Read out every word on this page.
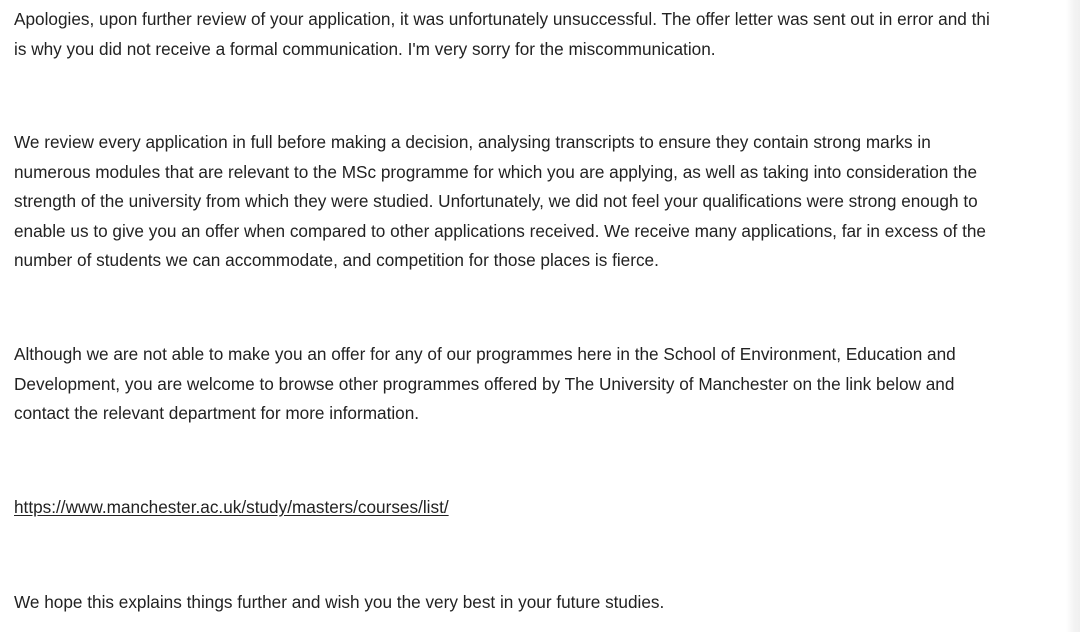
Apologies, upon further review of your application, it was unfortunately unsuccessful. The offer letter was sent out in error and thi
is why you did not receive a formal communication. I'm very sorry for the miscommunication.

We review every application in full before making a decision, analysing transcripts to ensure they contain strong marks in
numerous modules that are relevant to the MSc programme for which you are applying, as well as taking into consideration the
strength of the university from which they were studied. Unfortunately, we did not feel your qualifications were strong enough to
enable us to give you an offer when compared to other applications received. We receive many applications, far in excess of the
number of students we can accommodate, and competition for those places is fierce.

Although we are not able to make you an offer for any of our programmes here in the School of Environment, Education and
Development, you are welcome to browse other programmes offered by The University of Manchester on the link below and
contact the relevant department for more information.

https://www.manchester.ac.uk/study/masters/courses/list/

We hope this explains things further and wish you the very best in your future studies.
